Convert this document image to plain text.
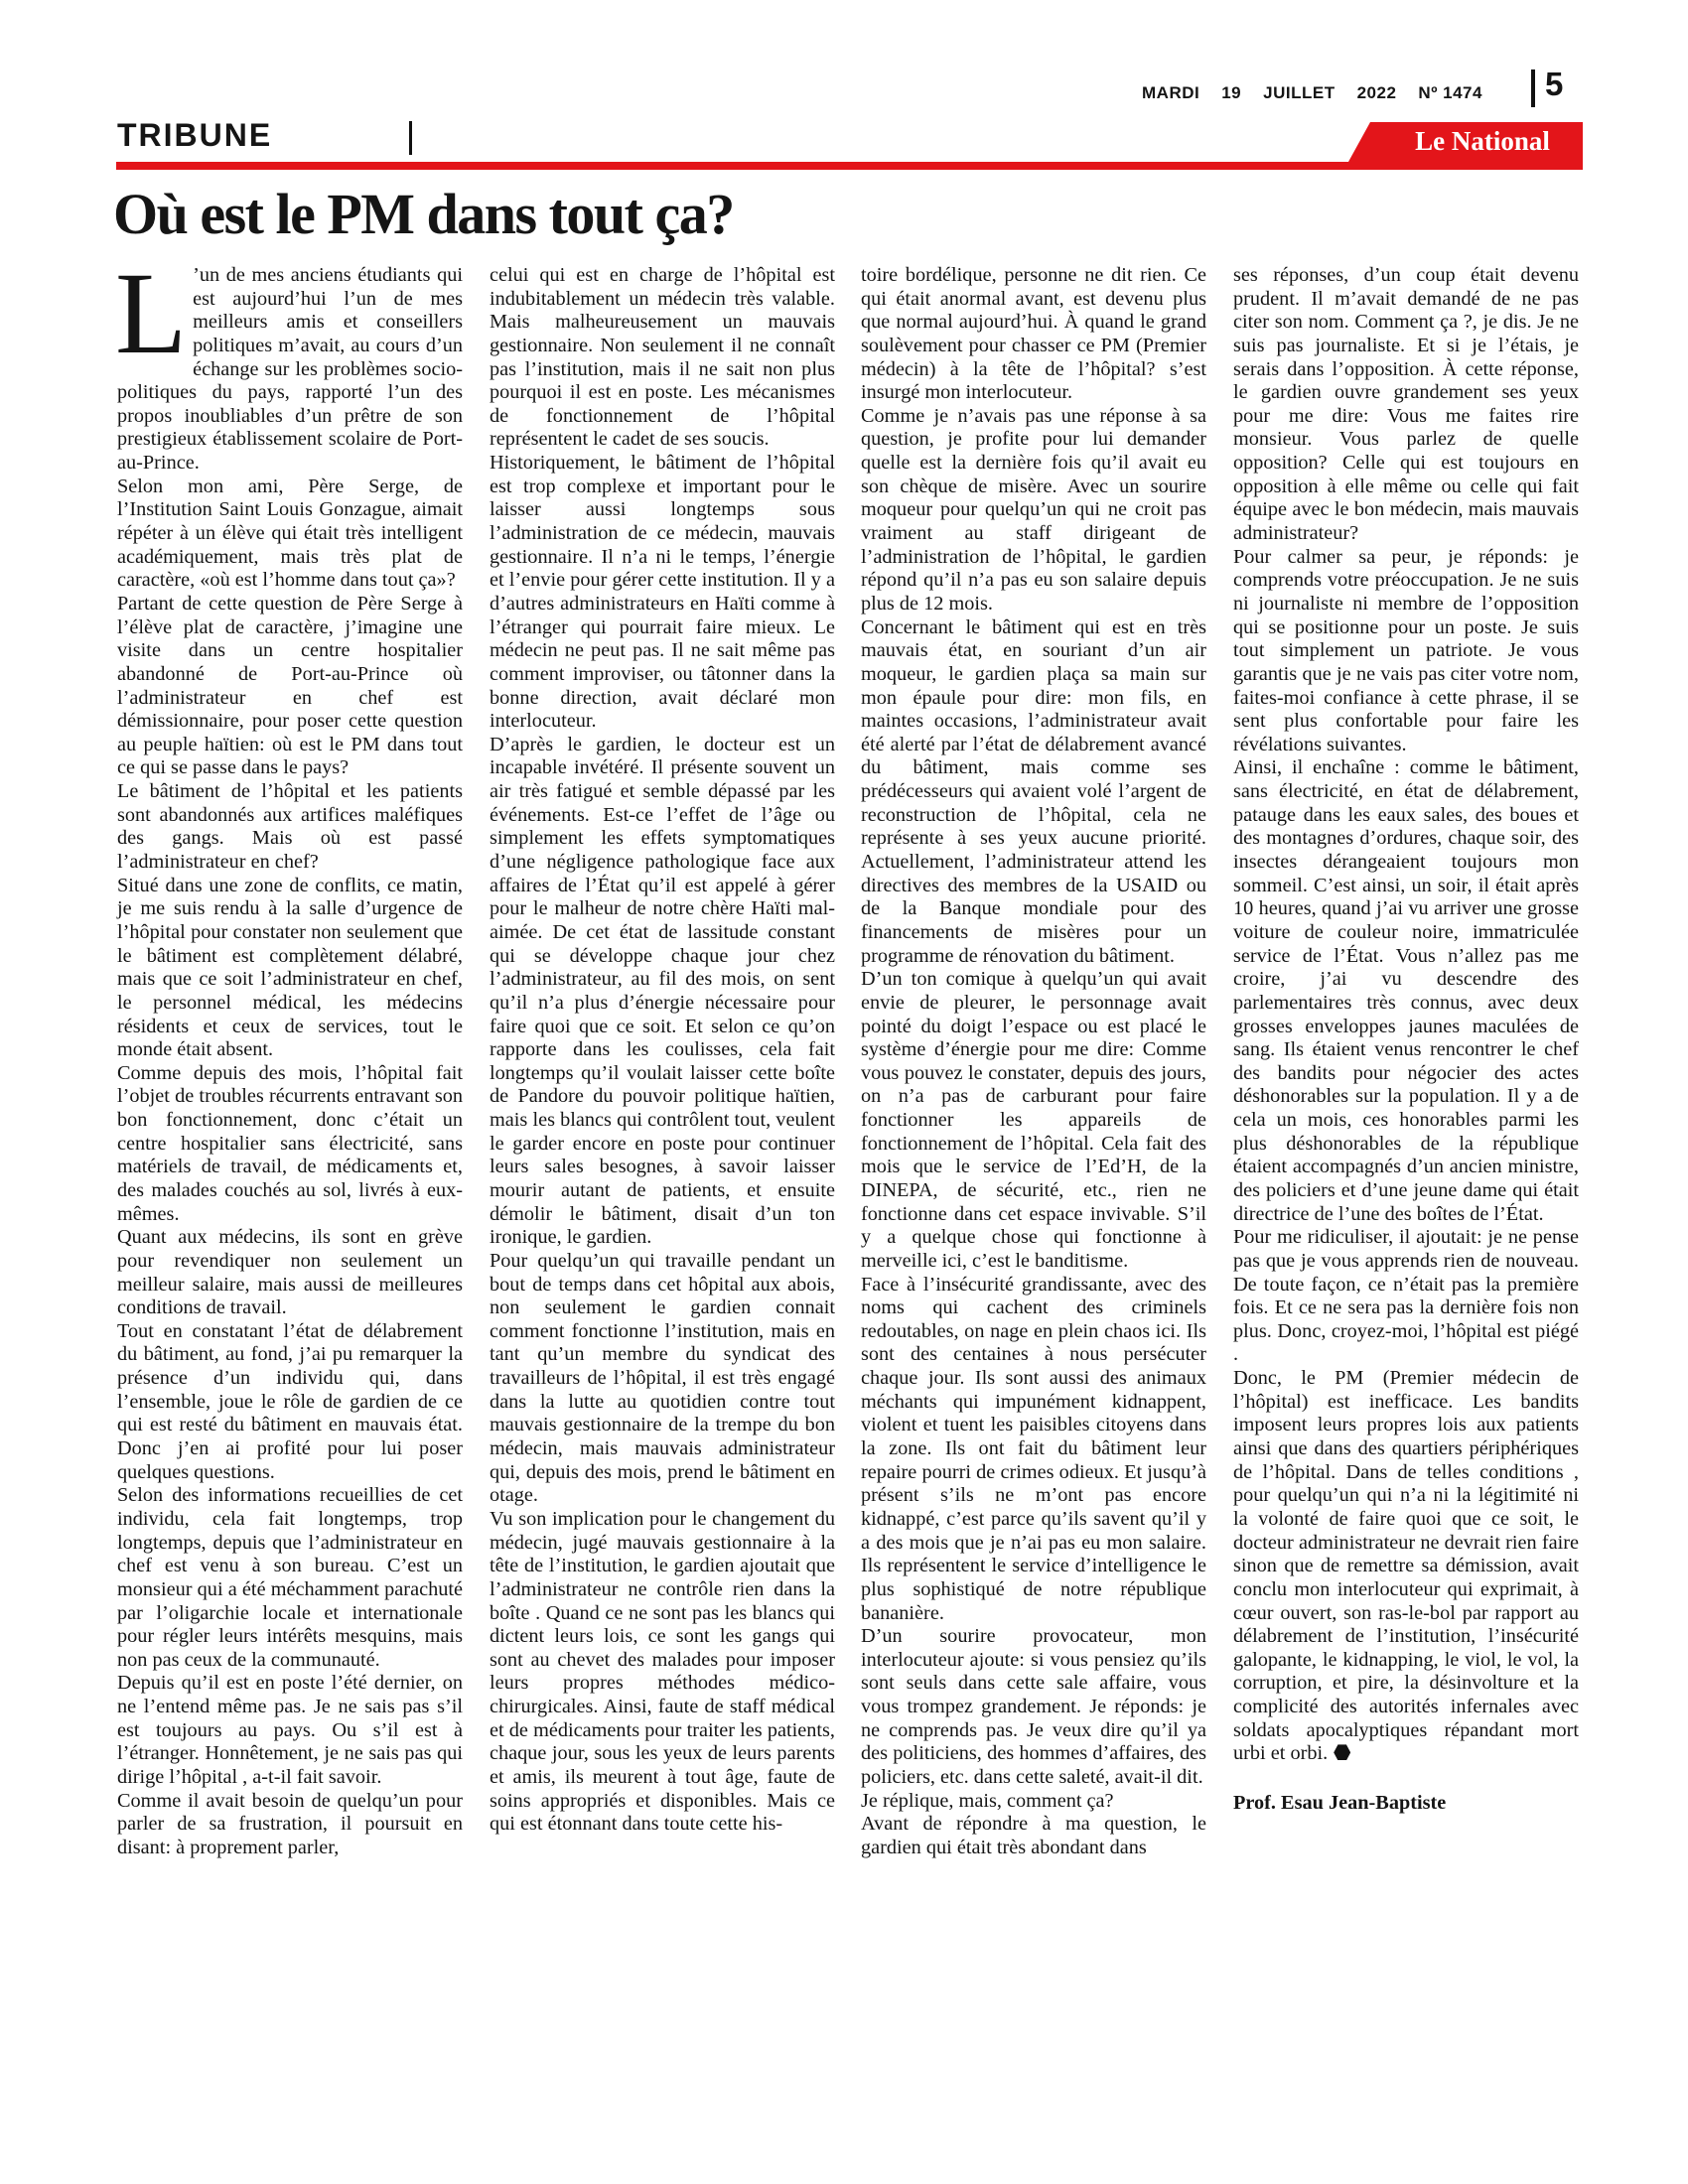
MARDI 19 JUILLET 2022 Nº 1474 5
TRIBUNE	Le National
Où est le PM dans tout ça?

L ’un de mes anciens étudiants qui est aujourd’hui l’un de mes meilleurs amis et conseillers politiques m’avait, au cours d’un échange sur les problèmes socio-politiques du pays, rapporté l’un des propos inoubliables d’un prêtre de son prestigieux établissement scolaire de Port-au-Prince.

Selon mon ami, Père Serge, de l’Institution Saint Louis Gonzague, aimait répéter à un élève qui était très intelligent académiquement, mais très plat de caractère, «où est l’homme dans tout ça»?

Partant de cette question de Père Serge à l’élève plat de caractère, j’imagine une visite dans un centre hospitalier abandonné de Port-au-Prince où l’administrateur en chef est démissionnaire, pour poser cette question au peuple haïtien: où est le PM dans tout ce qui se passe dans le pays?

Le bâtiment de l’hôpital et les patients sont abandonnés aux artifices maléfiques des gangs. Mais où est passé l’administrateur en chef?

Situé dans une zone de conflits, ce matin, je me suis rendu à la salle d’urgence de l’hôpital pour constater non seulement que le bâtiment est complètement délabré, mais que ce soit l’administrateur en chef, le personnel médical, les médecins résidents et ceux de services, tout le monde était absent.

Comme depuis des mois, l’hôpital fait l’objet de troubles récurrents entravant son bon fonctionnement, donc c’était un centre hospitalier sans électricité, sans matériels de travail, de médicaments et, des malades couchés au sol, livrés à eux-mêmes.

Quant aux médecins, ils sont en grève pour revendiquer non seulement un meilleur salaire, mais aussi de meilleures conditions de travail.

Tout en constatant l’état de délabrement du bâtiment, au fond, j’ai pu remarquer la présence d’un individu qui, dans l’ensemble, joue le rôle de gardien de ce qui est resté du bâtiment en mauvais état. Donc j’en ai profité pour lui poser quelques questions.

Selon des informations recueillies de cet individu, cela fait longtemps, trop longtemps, depuis que l’administrateur en chef est venu à son bureau. C’est un monsieur qui a été méchamment parachuté par l’oligarchie locale et internationale pour régler leurs intérêts mesquins, mais non pas ceux de la communauté.

Depuis qu’il est en poste l’été dernier, on ne l’entend même pas. Je ne sais pas s’il est toujours au pays. Ou s’il est à l’étranger. Honnêtement, je ne sais pas qui dirige l’hôpital , a-t-il fait savoir.

Comme il avait besoin de quelqu’un pour parler de sa frustration, il poursuit en disant: à proprement parler,

celui qui est en charge de l’hôpital est indubitablement un médecin très valable. Mais malheureusement un mauvais gestionnaire. Non seulement il ne connaît pas l’institution, mais il ne sait non plus pourquoi il est en poste. Les mécanismes de fonctionnement de l’hôpital représentent le cadet de ses soucis.

Historiquement, le bâtiment de l’hôpital est trop complexe et important pour le laisser aussi longtemps sous l’administration de ce médecin, mauvais gestionnaire. Il n’a ni le temps, l’énergie et l’envie pour gérer cette institution. Il y a d’autres administrateurs en Haïti comme à l’étranger qui pourrait faire mieux. Le médecin ne peut pas. Il ne sait même pas comment improviser, ou tâtonner dans la bonne direction, avait déclaré mon interlocuteur.

D’après le gardien, le docteur est un incapable invétéré. Il présente souvent un air très fatigué et semble dépassé par les événements. Est-ce l’effet de l’âge ou simplement les effets symptomatiques d’une négligence pathologique face aux affaires de l’État qu’il est appelé à gérer pour le malheur de notre chère Haïti mal-aimée. De cet état de lassitude constant qui se développe chaque jour chez l’administrateur, au fil des mois, on sent qu’il n’a plus d’énergie nécessaire pour faire quoi que ce soit. Et selon ce qu’on rapporte dans les coulisses, cela fait longtemps qu’il voulait laisser cette boîte de Pandore du pouvoir politique haïtien, mais les blancs qui contrôlent tout, veulent le garder encore en poste pour continuer leurs sales besognes, à savoir laisser mourir autant de patients, et ensuite démolir le bâtiment, disait d’un ton ironique, le gardien.

Pour quelqu’un qui travaille pendant un bout de temps dans cet hôpital aux abois, non seulement le gardien connait comment fonctionne l’institution, mais en tant qu’un membre du syndicat des travailleurs de l’hôpital, il est très engagé dans la lutte au quotidien contre tout mauvais gestionnaire de la trempe du bon médecin, mais mauvais administrateur qui, depuis des mois, prend le bâtiment en otage.

Vu son implication pour le changement du médecin, jugé mauvais gestionnaire à la tête de l’institution, le gardien ajoutait que l’administrateur ne contrôle rien dans la boîte . Quand ce ne sont pas les blancs qui dictent leurs lois, ce sont les gangs qui sont au chevet des malades pour imposer leurs propres méthodes médico-chirurgicales. Ainsi, faute de staff médical et de médicaments pour traiter les patients, chaque jour, sous les yeux de leurs parents et amis, ils meurent à tout âge, faute de soins appropriés et disponibles. Mais ce qui est étonnant dans toute cette his-

toire bordélique, personne ne dit rien. Ce qui était anormal avant, est devenu plus que normal aujourd’hui. À quand le grand soulèvement pour chasser ce PM (Premier médecin) à la tête de l’hôpital? s’est insurgé mon interlocuteur.

Comme je n’avais pas une réponse à sa question, je profite pour lui demander quelle est la dernière fois qu’il avait eu son chèque de misère. Avec un sourire moqueur pour quelqu’un qui ne croit pas vraiment au staff dirigeant de l’administration de l’hôpital, le gardien répond qu’il n’a pas eu son salaire depuis plus de 12 mois.

Concernant le bâtiment qui est en très mauvais état, en souriant d’un air moqueur, le gardien plaça sa main sur mon épaule pour dire: mon fils, en maintes occasions, l’administrateur avait été alerté par l’état de délabrement avancé du bâtiment, mais comme ses prédécesseurs qui avaient volé l’argent de reconstruction de l’hôpital, cela ne représente à ses yeux aucune priorité. Actuellement, l’administrateur attend les directives des membres de la USAID ou de la Banque mondiale pour des financements de misères pour un programme de rénovation du bâtiment.

D’un ton comique à quelqu’un qui avait envie de pleurer, le personnage avait pointé du doigt l’espace ou est placé le système d’énergie pour me dire: Comme vous pouvez le constater, depuis des jours, on n’a pas de carburant pour faire fonctionner les appareils de fonctionnement de l’hôpital. Cela fait des mois que le service de l’Ed’H, de la DINEPA, de sécurité, etc., rien ne fonctionne dans cet espace invivable. S’il y a quelque chose qui fonctionne à merveille ici, c’est le banditisme.

Face à l’insécurité grandissante, avec des noms qui cachent des criminels redoutables, on nage en plein chaos ici. Ils sont des centaines à nous persécuter chaque jour. Ils sont aussi des animaux méchants qui impunément kidnappent, violent et tuent les paisibles citoyens dans la zone. Ils ont fait du bâtiment leur repaire pourri de crimes odieux. Et jusqu’à présent s’ils ne m’ont pas encore kidnappé, c’est parce qu’ils savent qu’il y a des mois que je n’ai pas eu mon salaire. Ils représentent le service d’intelligence le plus sophistiqué de notre république bananière.

D’un sourire provocateur, mon interlocuteur ajoute: si vous pensiez qu’ils sont seuls dans cette sale affaire, vous vous trompez grandement. Je réponds: je ne comprends pas. Je veux dire qu’il ya des politiciens, des hommes d’affaires, des policiers, etc. dans cette saleté, avait-il dit.

Je réplique, mais, comment ça?

Avant de répondre à ma question, le gardien qui était très abondant dans

ses réponses, d’un coup était devenu prudent. Il m’avait demandé de ne pas citer son nom. Comment ça ?, je dis. Je ne suis pas journaliste. Et si je l’étais, je serais dans l’opposition. À cette réponse, le gardien ouvre grandement ses yeux pour me dire: Vous me faites rire monsieur. Vous parlez de quelle opposition? Celle qui est toujours en opposition à elle même ou celle qui fait équipe avec le bon médecin, mais mauvais administrateur?

Pour calmer sa peur, je réponds: je comprends votre préoccupation. Je ne suis ni journaliste ni membre de l’opposition qui se positionne pour un poste. Je suis tout simplement un patriote. Je vous garantis que je ne vais pas citer votre nom, faites-moi confiance à cette phrase, il se sent plus confortable pour faire les révélations suivantes.

Ainsi, il enchaîne : comme le bâtiment, sans électricité, en état de délabrement, patauge dans les eaux sales, des boues et des montagnes d’ordures, chaque soir, des insectes dérangeaient toujours mon sommeil. C’est ainsi, un soir, il était après 10 heures, quand j’ai vu arriver une grosse voiture de couleur noire, immatriculée service de l’État. Vous n’allez pas me croire, j’ai vu descendre des parlementaires très connus, avec deux grosses enveloppes jaunes maculées de sang. Ils étaient venus rencontrer le chef des bandits pour négocier des actes déshonorables sur la population. Il y a de cela un mois, ces honorables parmi les plus déshonorables de la république étaient accompagnés d’un ancien ministre, des policiers et d’une jeune dame qui était directrice de l’une des boîtes de l’État.

Pour me ridiculiser, il ajoutait: je ne pense pas que je vous apprends rien de nouveau. De toute façon, ce n’était pas la première fois. Et ce ne sera pas la dernière fois non plus. Donc, croyez-moi, l’hôpital est piégé .

Donc, le PM (Premier médecin de l’hôpital) est inefficace. Les bandits imposent leurs propres lois aux patients ainsi que dans des quartiers périphériques de l’hôpital. Dans de telles conditions , pour quelqu’un qui n’a ni la légitimité ni la volonté de faire quoi que ce soit, le docteur administrateur ne devrait rien faire sinon que de remettre sa démission, avait conclu mon interlocuteur qui exprimait, à cœur ouvert, son ras-le-bol par rapport au délabrement de l’institution, l’insécurité galopante, le kidnapping, le viol, le vol, la corruption, et pire, la désinvolture et la complicité des autorités infernales avec soldats apocalyptiques répandant mort urbi et orbi.

Prof. Esau Jean-Baptiste
